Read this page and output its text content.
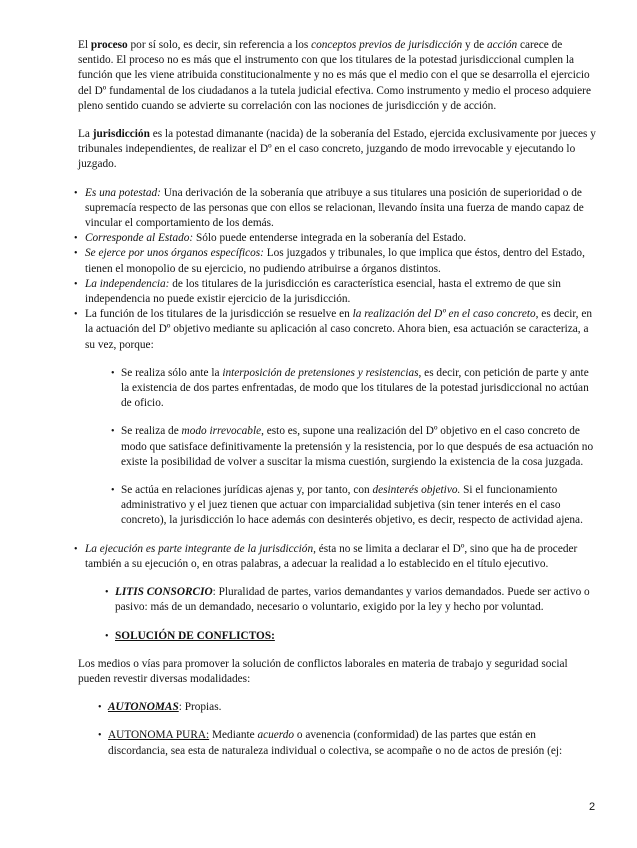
El proceso por sí solo, es decir, sin referencia a los conceptos previos de jurisdicción y de acción carece de sentido. El proceso no es más que el instrumento con que los titulares de la potestad jurisdiccional cumplen la función que les viene atribuida constitucionalmente y no es más que el medio con el que se desarrolla el ejercicio del Dº fundamental de los ciudadanos a la tutela judicial efectiva. Como instrumento y medio el proceso adquiere pleno sentido cuando se advierte su correlación con las nociones de jurisdicción y de acción.

La jurisdicción es la potestad dimanante (nacida) de la soberanía del Estado, ejercida exclusivamente por jueces y tribunales independientes, de realizar el Dº en el caso concreto, juzgando de modo irrevocable y ejecutando lo juzgado.

• Es una potestad: Una derivación de la soberanía que atribuye a sus titulares una posición de superioridad o de supremacía respecto de las personas que con ellos se relacionan, llevando ínsita una fuerza de mando capaz de vincular el comportamiento de los demás.
• Corresponde al Estado: Sólo puede entenderse integrada en la soberanía del Estado.
• Se ejerce por unos órganos específicos: Los juzgados y tribunales, lo que implica que éstos, dentro del Estado, tienen el monopolio de su ejercicio, no pudiendo atribuirse a órganos distintos.
• La independencia: de los titulares de la jurisdicción es característica esencial, hasta el extremo de que sin independencia no puede existir ejercicio de la jurisdicción.
• La función de los titulares de la jurisdicción se resuelve en la realización del Dº en el caso concreto, es decir, en la actuación del Dº objetivo mediante su aplicación al caso concreto. Ahora bien, esa actuación se caracteriza, a su vez, porque:
• Se realiza sólo ante la interposición de pretensiones y resistencias, es decir, con petición de parte y ante la existencia de dos partes enfrentadas, de modo que los titulares de la potestad jurisdiccional no actúan de oficio.
• Se realiza de modo irrevocable, esto es, supone una realización del Dº objetivo en el caso concreto de modo que satisface definitivamente la pretensión y la resistencia, por lo que después de esa actuación no existe la posibilidad de volver a suscitar la misma cuestión, surgiendo la existencia de la cosa juzgada.
• Se actúa en relaciones jurídicas ajenas y, por tanto, con desinterés objetivo. Si el funcionamiento administrativo y el juez tienen que actuar con imparcialidad subjetiva (sin tener interés en el caso concreto), la jurisdicción lo hace además con desinterés objetivo, es decir, respecto de actividad ajena.
• La ejecución es parte integrante de la jurisdicción, ésta no se limita a declarar el Dº, sino que ha de proceder también a su ejecución o, en otras palabras, a adecuar la realidad a lo establecido en el título ejecutivo.
• LITIS CONSORCIO: Pluralidad de partes, varios demandantes y varios demandados. Puede ser activo o pasivo: más de un demandado, necesario o voluntario, exigido por la ley y hecho por voluntad.
• SOLUCIÓN DE CONFLICTOS:

Los medios o vías para promover la solución de conflictos laborales en materia de trabajo y seguridad social pueden revestir diversas modalidades:

• AUTONOMAS: Propias.
• AUTONOMA PURA: Mediante acuerdo o avenencia (conformidad) de las partes que están en discordancia, sea esta de naturaleza individual o colectiva, se acompañe o no de actos de presión (ej:
2
